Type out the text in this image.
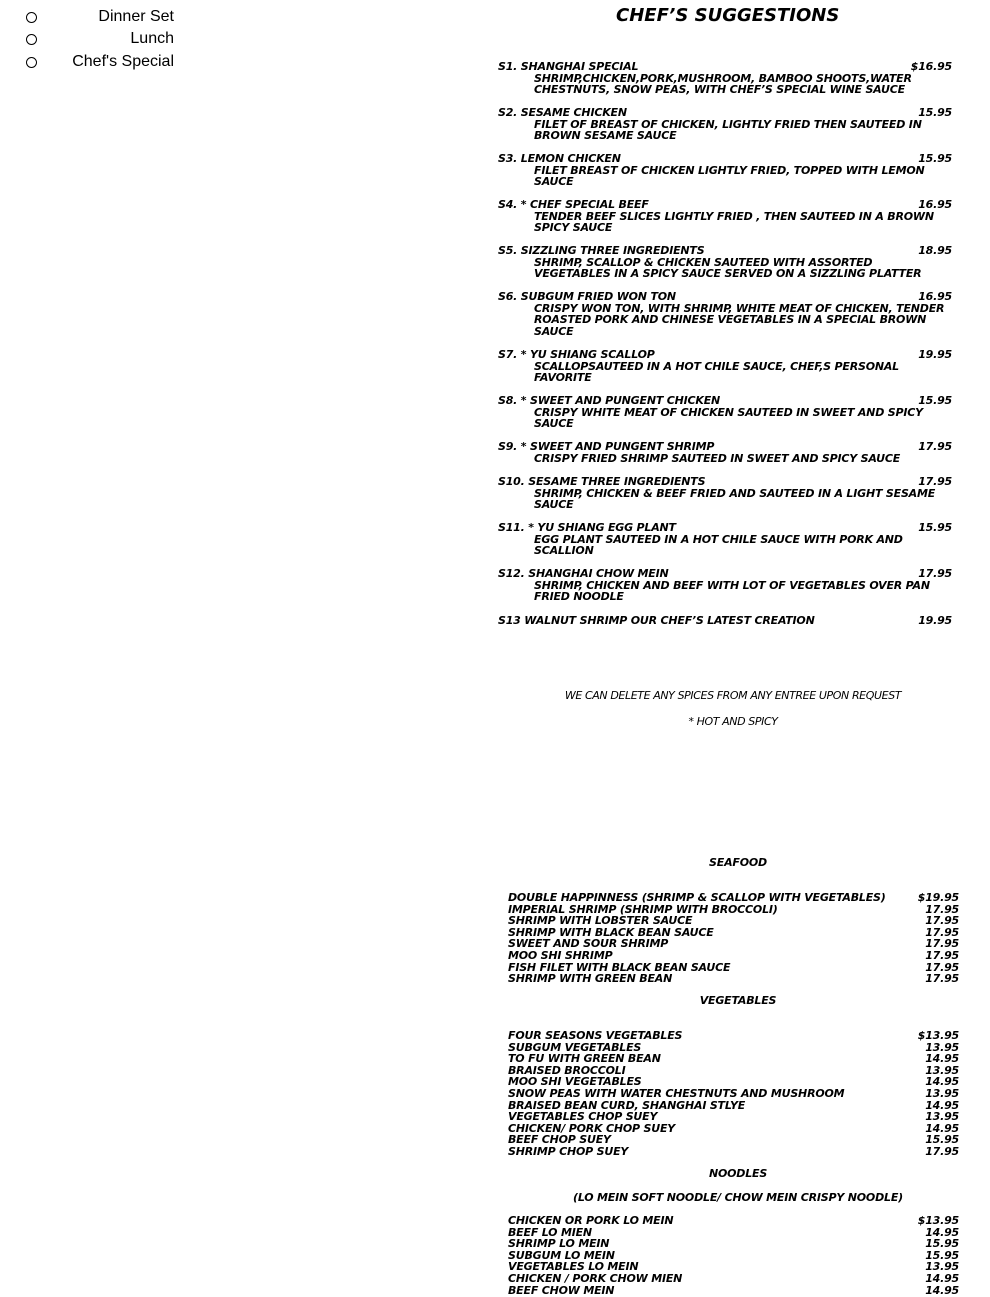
Dinner Set
Lunch
Chef's Special
CHEF’S SUGGESTIONS
S1. SHANGHAI SPECIAL	$16.95
SHRIMP,CHICKEN,PORK,MUSHROOM, BAMBOO SHOOTS,WATER CHESTNUTS, SNOW PEAS, WITH CHEF’S SPECIAL WINE SAUCE
S2. SESAME CHICKEN	15.95
FILET OF BREAST OF CHICKEN, LIGHTLY FRIED THEN SAUTEED IN BROWN SESAME SAUCE
S3. LEMON CHICKEN	15.95
FILET BREAST OF CHICKEN LIGHTLY FRIED, TOPPED WITH LEMON SAUCE
S4. * CHEF SPECIAL BEEF	16.95
TENDER BEEF SLICES LIGHTLY FRIED , THEN SAUTEED IN A BROWN SPICY SAUCE
S5. SIZZLING THREE INGREDIENTS	18.95
SHRIMP, SCALLOP & CHICKEN SAUTEED WITH ASSORTED VEGETABLES IN A SPICY SAUCE SERVED ON A SIZZLING PLATTER
S6. SUBGUM FRIED WON TON	16.95
CRISPY WON TON, WITH SHRIMP, WHITE MEAT OF CHICKEN, TENDER ROASTED PORK AND CHINESE VEGETABLES IN A SPECIAL BROWN SAUCE
S7. * YU SHIANG SCALLOP	19.95
SCALLOPSAUTEED IN A HOT CHILE SAUCE, CHEF,S PERSONAL FAVORITE
S8. * SWEET AND PUNGENT CHICKEN	15.95
CRISPY WHITE MEAT OF CHICKEN SAUTEED IN SWEET AND SPICY SAUCE
S9. * SWEET AND PUNGENT SHRIMP	17.95
CRISPY FRIED SHRIMP SAUTEED IN SWEET AND SPICY SAUCE
S10. SESAME THREE INGREDIENTS	17.95
SHRIMP, CHICKEN & BEEF FRIED AND SAUTEED IN A LIGHT SESAME SAUCE
S11. * YU SHIANG EGG PLANT	15.95
EGG PLANT SAUTEED IN A HOT CHILE SAUCE WITH PORK AND SCALLION
S12. SHANGHAI CHOW MEIN	17.95
SHRIMP, CHICKEN AND BEEF WITH LOT OF VEGETABLES OVER PAN FRIED NOODLE
S13 WALNUT SHRIMP OUR CHEF’S LATEST CREATION	19.95
WE CAN DELETE ANY SPICES FROM ANY ENTREE UPON REQUEST
* HOT AND SPICY
SEAFOOD
DOUBLE HAPPINNESS (SHRIMP & SCALLOP WITH VEGETABLES)	$19.95
IMPERIAL SHRIMP (SHRIMP WITH BROCCOLI)	17.95
SHRIMP WITH LOBSTER SAUCE	17.95
SHRIMP WITH BLACK BEAN SAUCE	17.95
SWEET AND SOUR SHRIMP	17.95
MOO SHI SHRIMP	17.95
FISH FILET WITH BLACK BEAN SAUCE	17.95
SHRIMP WITH GREEN BEAN	17.95
VEGETABLES
FOUR SEASONS VEGETABLES	$13.95
SUBGUM VEGETABLES	13.95
TO FU WITH GREEN BEAN	14.95
BRAISED BROCCOLI	13.95
MOO SHI VEGETABLES	14.95
SNOW PEAS WITH WATER CHESTNUTS AND MUSHROOM	13.95
BRAISED BEAN CURD, SHANGHAI STLYE	14.95
VEGETABLES CHOP SUEY	13.95
CHICKEN/ PORK CHOP SUEY	14.95
BEEF CHOP SUEY	15.95
SHRIMP CHOP SUEY	17.95
NOODLES
(LO MEIN SOFT NOODLE/ CHOW MEIN CRISPY NOODLE)
CHICKEN OR PORK LO MEIN	$13.95
BEEF LO MIEN	14.95
SHRIMP LO MEIN	15.95
SUBGUM LO MEIN	15.95
VEGETABLES LO MEIN	13.95
CHICKEN / PORK CHOW MIEN	14.95
BEEF CHOW MEIN	14.95
